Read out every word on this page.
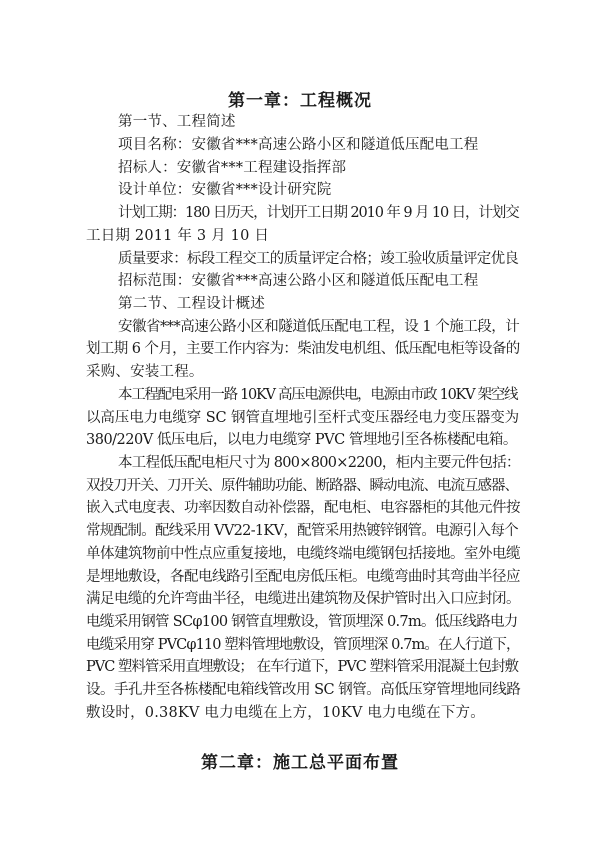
第一章：工程概况
第一节、工程简述
项目名称：安徽省***高速公路小区和隧道低压配电工程
招标人：安徽省***工程建设指挥部
设计单位：安徽省***设计研究院
计划工期：180 日历天，计划开工日期 2010 年 9 月 10 日，计划交
工日期 2011 年 3 月 10 日
质量要求：标段工程交工的质量评定合格；竣工验收质量评定优良
招标范围：安徽省***高速公路小区和隧道低压配电工程
第二节、工程设计概述
安徽省***高速公路小区和隧道低压配电工程，设 1 个施工段，计
划工期 6 个月，主要工作内容为：柴油发电机组、低压配电柜等设备的
采购、安装工程。
本工程配电采用一路 10KV 高压电源供电，电源由市政 10KV 架空线
以高压电力电缆穿 SC 钢管直埋地引至杆式变压器经电力变压器变为
380/220V 低压电后，以电力电缆穿 PVC 管埋地引至各栋楼配电箱。
本工程低压配电柜尺寸为 800×800×2200，柜内主要元件包括：
双投刀开关、刀开关、原件辅助功能、断路器、瞬动电流、电流互感器、
嵌入式电度表、功率因数自动补偿器，配电柜、电容器柜的其他元件按
常规配制。配线采用 VV22-1KV，配管采用热镀锌钢管。电源引入每个
单体建筑物前中性点应重复接地，电缆终端电缆钢包括接地。室外电缆
是埋地敷设，各配电线路引至配电房低压柜。电缆弯曲时其弯曲半径应
满足电缆的允许弯曲半径，电缆进出建筑物及保护管时出入口应封闭。
电缆采用钢管 SCφ100 钢管直埋敷设，管顶埋深 0.7m。低压线路电力
电缆采用穿 PVCφ110 塑料管埋地敷设，管顶埋深 0.7m。在人行道下，
PVC 塑料管采用直埋敷设； 在车行道下，PVC 塑料管采用混凝土包封敷
设。手孔井至各栋楼配电箱线管改用 SC 钢管。高低压穿管埋地同线路
敷设时，0.38KV 电力电缆在上方，10KV 电力电缆在下方。
第二章：施工总平面布置
